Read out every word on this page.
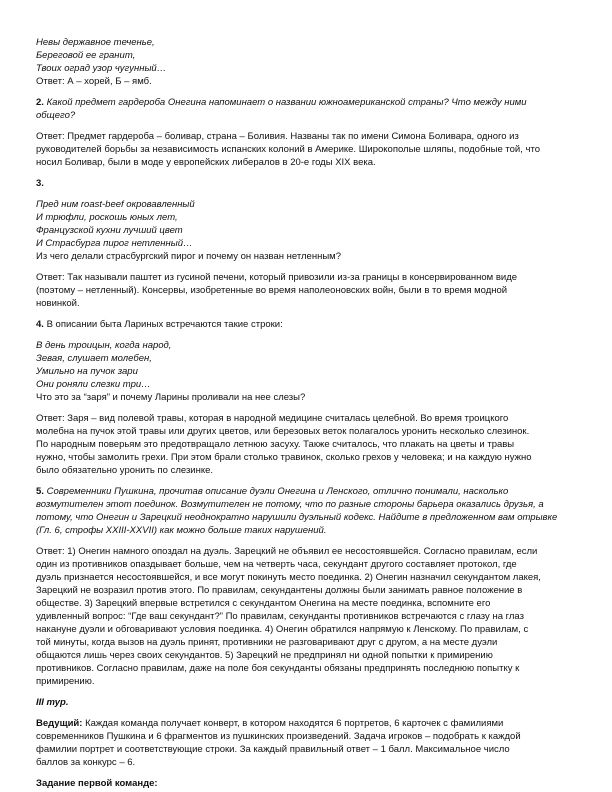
Невы державное теченье,
Береговой ее гранит,
Твоих оград узор чугунный…
Ответ: А – хорей, Б – ямб.
2. Какой предмет гардероба Онегина напоминает о названии южноамериканской страны? Что между ними
общего?
Ответ: Предмет гардероба – боливар, страна – Боливия. Названы так по имени Симона Боливара, одного из
руководителей борьбы за независимость испанских колоний в Америке. Широкополые шляпы, подобные той, что
носил Боливар, были в моде у европейских либералов в 20-е годы XIX века.
3.
Пред ним roast-beef окровавленный
И трюфли, роскошь юных лет,
Французской кухни лучший цвет
И Страсбурга пирог нетленный…
Из чего делали страсбургский пирог и почему он назван нетленным?
Ответ: Так называли паштет из гусиной печени, который привозили из-за границы в консервированном виде
(поэтому – нетленный). Консервы, изобретенные во время наполеоновских войн, были в то время модной
новинкой.
4. В описании быта Лариных встречаются такие строки:
В день троицын, когда народ,
Зевая, слушает молебен,
Умильно на пучок зари
Они роняли слезки три…
Что это за “заря” и почему Ларины проливали на нее слезы?
Ответ: Заря – вид полевой травы, которая в народной медицине считалась целебной. Во время троицкого
молебна на пучок этой травы или других цветов, или березовых веток полагалось уронить несколько слезинок.
По народным поверьям это предотвращало летнюю засуху. Также считалось, что плакать на цветы и травы
нужно, чтобы замолить грехи. При этом брали столько травинок, сколько грехов у человека; и на каждую нужно
было обязательно уронить по слезинке.
5. Современники Пушкина, прочитав описание дуэли Онегина и Ленского, отлично понимали, насколько
возмутителен этот поединок. Возмутителен не потому, что по разные стороны барьера оказались друзья, а
потому, что Онегин и Зарецкий неоднократно нарушили дуэльный кодекс. Найдите в предложенном вам отрывке
(Гл. 6, строфы XXIII-XXVII) как можно больше таких нарушений.
Ответ: 1) Онегин намного опоздал на дуэль. Зарецкий не объявил ее несостоявшейся. Согласно правилам, если
один из противников опаздывает больше, чем на четверть часа, секундант другого составляет протокол, где
дуэль признается несостоявшейся, и все могут покинуть место поединка. 2) Онегин назначил секундантом лакея,
Зарецкий не возразил против этого. По правилам, секундантены должны были занимать равное положение в
обществе. 3) Зарецкий впервые встретился с секундантом Онегина на месте поединка, вспомните его
удивленный вопрос: “Где ваш секундант?” По правилам, секунданты противников встречаются с глазу на глаз
накануне дуэли и обговаривают условия поединка. 4) Онегин обратился напрямую к Ленскому. По правилам, с
той минуты, когда вызов на дуэль принят, противники не разговаривают друг с другом, а на месте дуэли
общаются лишь через своих секундантов. 5) Зарецкий не предпринял ни одной попытки к примирению
противников. Согласно правилам, даже на поле боя секунданты обязаны предпринять последнюю попытку к
примирению.
III тур.
Ведущий: Каждая команда получает конверт, в котором находятся 6 портретов, 6 карточек с фамилиями
современников Пушкина и 6 фрагментов из пушкинских произведений. Задача игроков – подобрать к каждой
фамилии портрет и соответствующие строки. За каждый правильный ответ – 1 балл. Максимальное число
баллов за конкурс – 6.
Задание первой команде:
